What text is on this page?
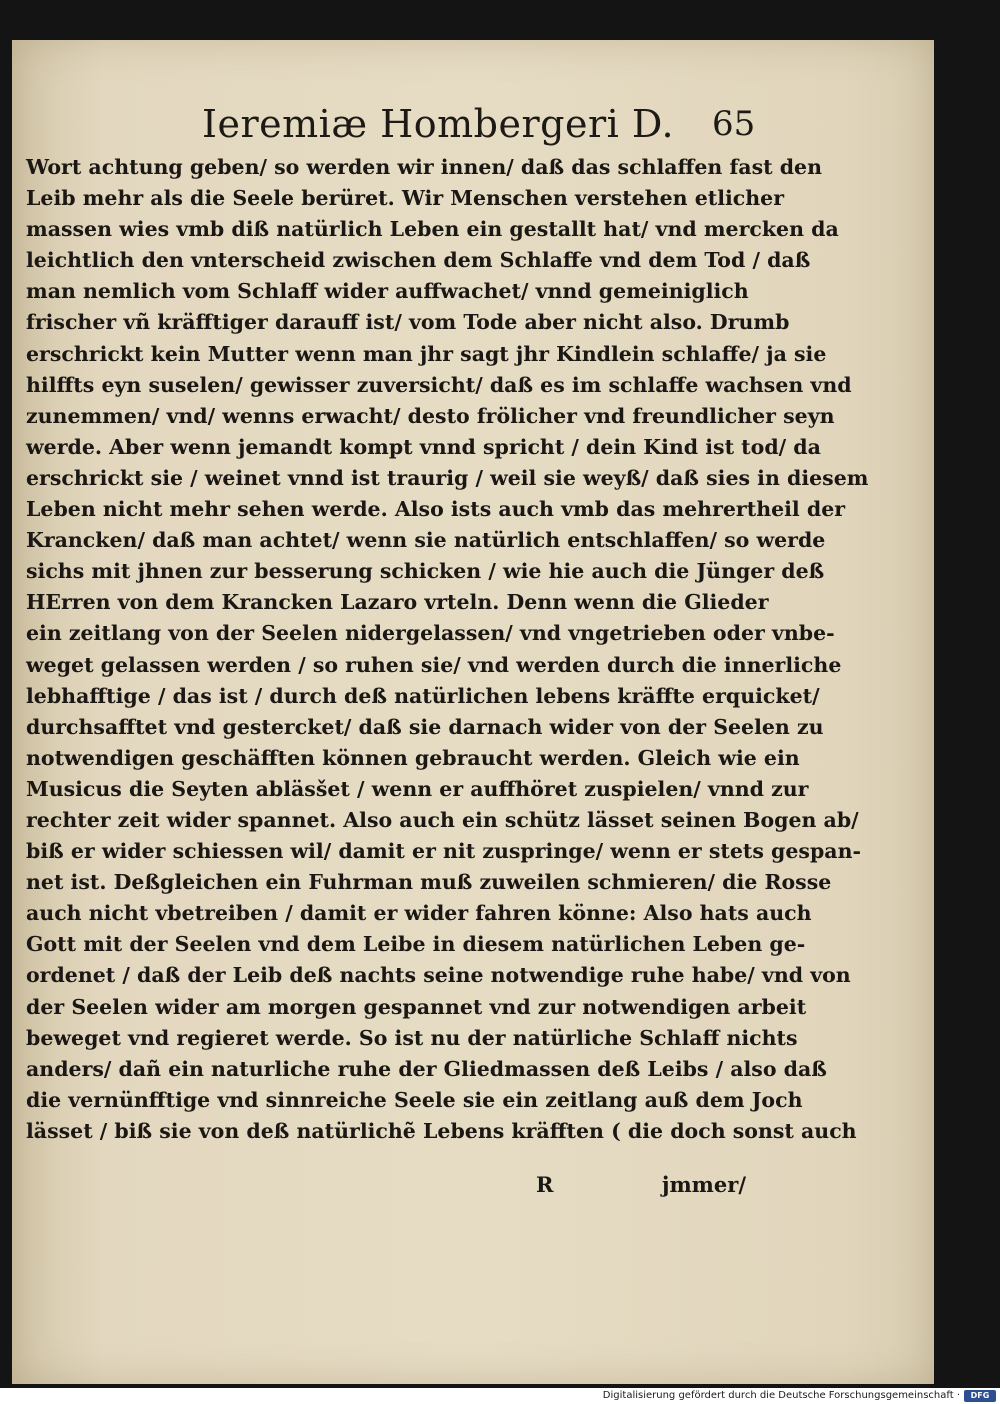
Ieremiæ Hombergeri D.	65
Wort achtung geben/ so werden wir innen/ daß das schlaffen fast den
Leib mehr als die Seele berüret. Wir Menschen verstehen etlicher
massen wies vmb diß natürlich Leben ein gestallt hat/ vnd mercken da
leichtlich den vnterscheid zwischen dem Schlaffe vnd dem Tod / daß
man nemlich vom Schlaff wider auffwachet/ vnnd gemeiniglich
frischer vñ kräfftiger darauff ist/ vom Tode aber nicht also. Drumb
erschrickt kein Mutter wenn man jhr sagt jhr Kindlein schlaffe/ ja sie
hilffts eyn suselen/ gewisser zuversicht/ daß es im schlaffe wachsen vnd
zunemmen/ vnd/ wenns erwacht/ desto frölicher vnd freundlicher seyn
werde. Aber wenn jemandt kompt vnnd spricht / dein Kind ist tod/ da
erschrickt sie / weinet vnnd ist traurig / weil sie weyß/ daß sies in diesem
Leben nicht mehr sehen werde. Also ists auch vmb das mehrertheil der
Krancken/ daß man achtet/ wenn sie natürlich entschlaffen/ so werde
sichs mit jhnen zur besserung schicken / wie hie auch die Jünger deß
HErren von dem Krancken Lazaro vrteln. Denn wenn die Glieder
ein zeitlang von der Seelen nidergelassen/ vnd vngetrieben oder vnbe-
weget gelassen werden / so ruhen sie/ vnd werden durch die innerliche
lebhafftige / das ist / durch deß natürlichen lebens kräffte erquicket/
durchsafftet vnd gestercket/ daß sie darnach wider von der Seelen zu
notwendigen geschäfften können gebraucht werden. Gleich wie ein
Musicus die Seyten abläsšet / wenn er auffhöret zuspielen/ vnnd zur
rechter zeit wider spannet. Also auch ein schütz lässet seinen Bogen ab/
biß er wider schiessen wil/ damit er nit zuspringe/ wenn er stets gespan-
net ist. Deßgleichen ein Fuhrman muß zuweilen schmieren/ die Rosse
auch nicht vbetreiben / damit er wider fahren könne: Also hats auch
Gott mit der Seelen vnd dem Leibe in diesem natürlichen Leben ge-
ordenet / daß der Leib deß nachts seine notwendige ruhe habe/ vnd von
der Seelen wider am morgen gespannet vnd zur notwendigen arbeit
beweget vnd regieret werde. So ist nu der natürliche Schlaff nichts
anders/ dañ ein naturliche ruhe der Gliedmassen deß Leibs / also daß
die vernünfftige vnd sinnreiche Seele sie ein zeitlang auß dem Joch
lässet / biß sie von deß natürlichẽ Lebens kräfften ( die doch sonst auch
R	jmmer/
Digitalisierung gefördert durch die Deutsche Forschungsgemeinschaft ·	DFG
